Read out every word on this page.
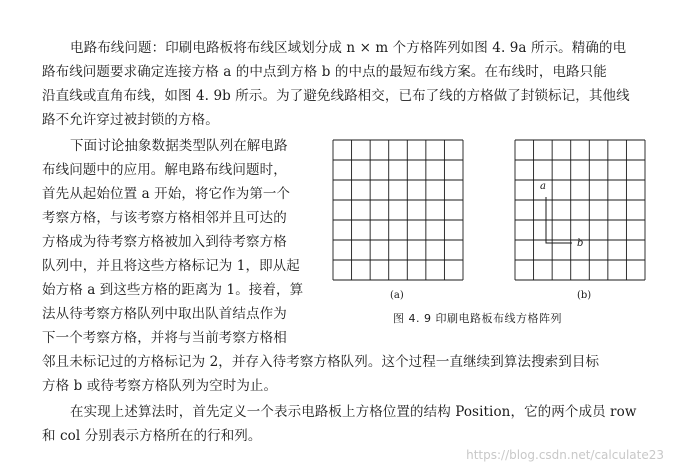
电路布线问题：印刷电路板将布线区域划分成 n × m 个方格阵列如图 4. 9a 所示。精确的电
路布线问题要求确定连接方格 a 的中点到方格 b 的中点的最短布线方案。在布线时，电路只能
沿直线或直角布线，如图 4. 9b 所示。为了避免线路相交，已布了线的方格做了封锁标记，其他线
路不允许穿过被封锁的方格。
下面讨论抽象数据类型队列在解电路
布线问题中的应用。解电路布线问题时，
首先从起始位置 a 开始，将它作为第一个
考察方格，与该考察方格相邻并且可达的
方格成为待考察方格被加入到待考察方格
队列中，并且将这些方格标记为 1，即从起
始方格 a 到这些方格的距离为 1。接着，算
法从待考察方格队列中取出队首结点作为
下一个考察方格，并将与当前考察方格相
邻且未标记过的方格标记为 2，并存入待考察方格队列。这个过程一直继续到算法搜索到目标
方格 b 或待考察方格队列为空时为止。
在实现上述算法时，首先定义一个表示电路板上方格位置的结构 Position，它的两个成员 row
和 col 分别表示方格所在的行和列。
a
b
(a)	(b)
图 4. 9 印刷电路板布线方格阵列
https://blog.csdn.net/calculate23
